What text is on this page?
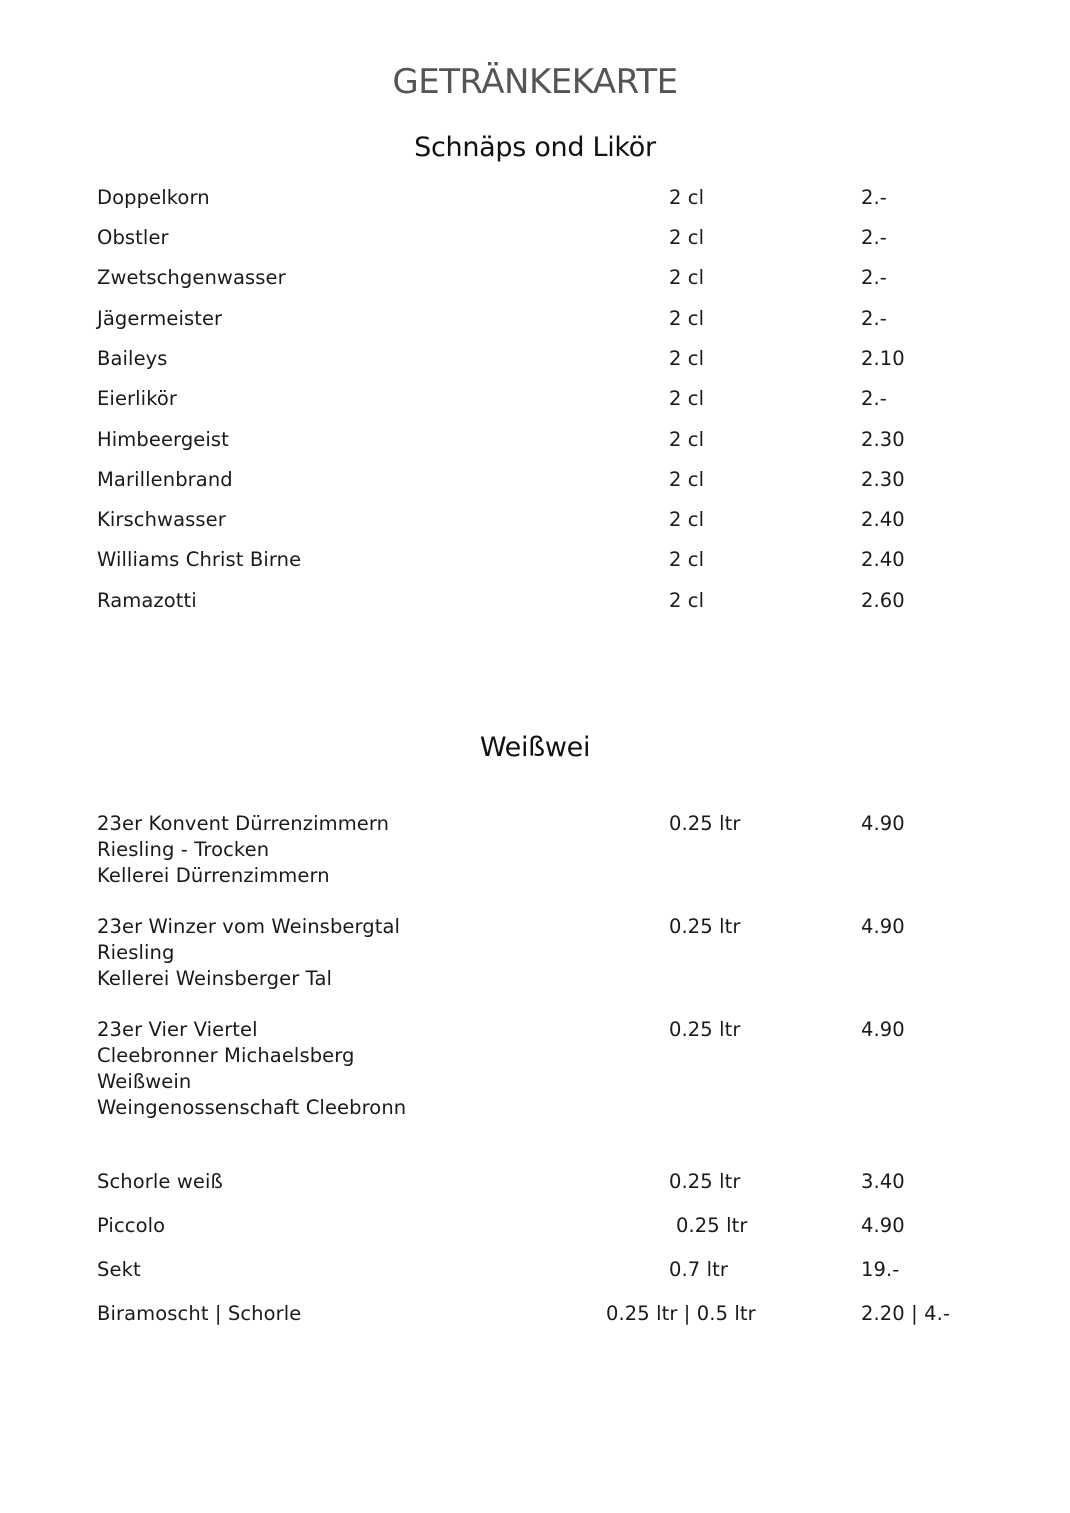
GETRÄNKEKARTE
Schnäps ond Likör
Doppelkorn	2 cl	2.-
Obstler	2 cl	2.-
Zwetschgenwasser	2 cl	2.-
Jägermeister	2 cl	2.-
Baileys	2 cl	2.10
Eierlikör	2 cl	2.-
Himbeergeist	2 cl	2.30
Marillenbrand	2 cl	2.30
Kirschwasser	2 cl	2.40
Williams Christ Birne	2 cl	2.40
Ramazotti	2 cl	2.60
Weißwei
23er Konvent Dürrenzimmern
Riesling - Trocken
Kellerei Dürrenzimmern
0.25 ltr	4.90
23er Winzer vom Weinsbergtal
Riesling
Kellerei Weinsberger Tal
0.25 ltr	4.90
23er Vier Viertel
Cleebronner Michaelsberg
Weißwein
Weingenossenschaft Cleebronn
0.25 ltr	4.90
Schorle weiß	0.25 ltr	3.40
Piccolo	0.25 ltr	4.90
Sekt	0.7 ltr	19.-
Biramoscht | Schorle	0.25 ltr | 0.5 ltr	2.20 | 4.-
